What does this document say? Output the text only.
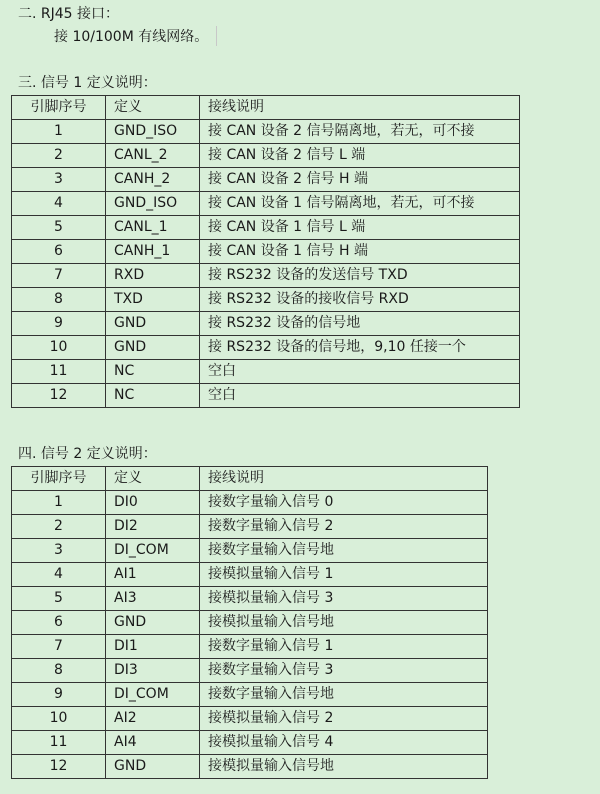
二. RJ45 接口：
接 10/100M 有线网络。
三. 信号 1 定义说明：
引脚序号	定义	接线说明
1	GND_ISO	接 CAN 设备 2 信号隔离地，若无，可不接
2	CANL_2	接 CAN 设备 2 信号 L 端
3	CANH_2	接 CAN 设备 2 信号 H 端
4	GND_ISO	接 CAN 设备 1 信号隔离地，若无，可不接
5	CANL_1	接 CAN 设备 1 信号 L 端
6	CANH_1	接 CAN 设备 1 信号 H 端
7	RXD	接 RS232 设备的发送信号 TXD
8	TXD	接 RS232 设备的接收信号 RXD
9	GND	接 RS232 设备的信号地
10	GND	接 RS232 设备的信号地，9,10 任接一个
11	NC	空白
12	NC	空白
四. 信号 2 定义说明：
引脚序号	定义	接线说明
1	DI0	接数字量输入信号 0
2	DI2	接数字量输入信号 2
3	DI_COM	接数字量输入信号地
4	AI1	接模拟量输入信号 1
5	AI3	接模拟量输入信号 3
6	GND	接模拟量输入信号地
7	DI1	接数字量输入信号 1
8	DI3	接数字量输入信号 3
9	DI_COM	接数字量输入信号地
10	AI2	接模拟量输入信号 2
11	AI4	接模拟量输入信号 4
12	GND	接模拟量输入信号地
